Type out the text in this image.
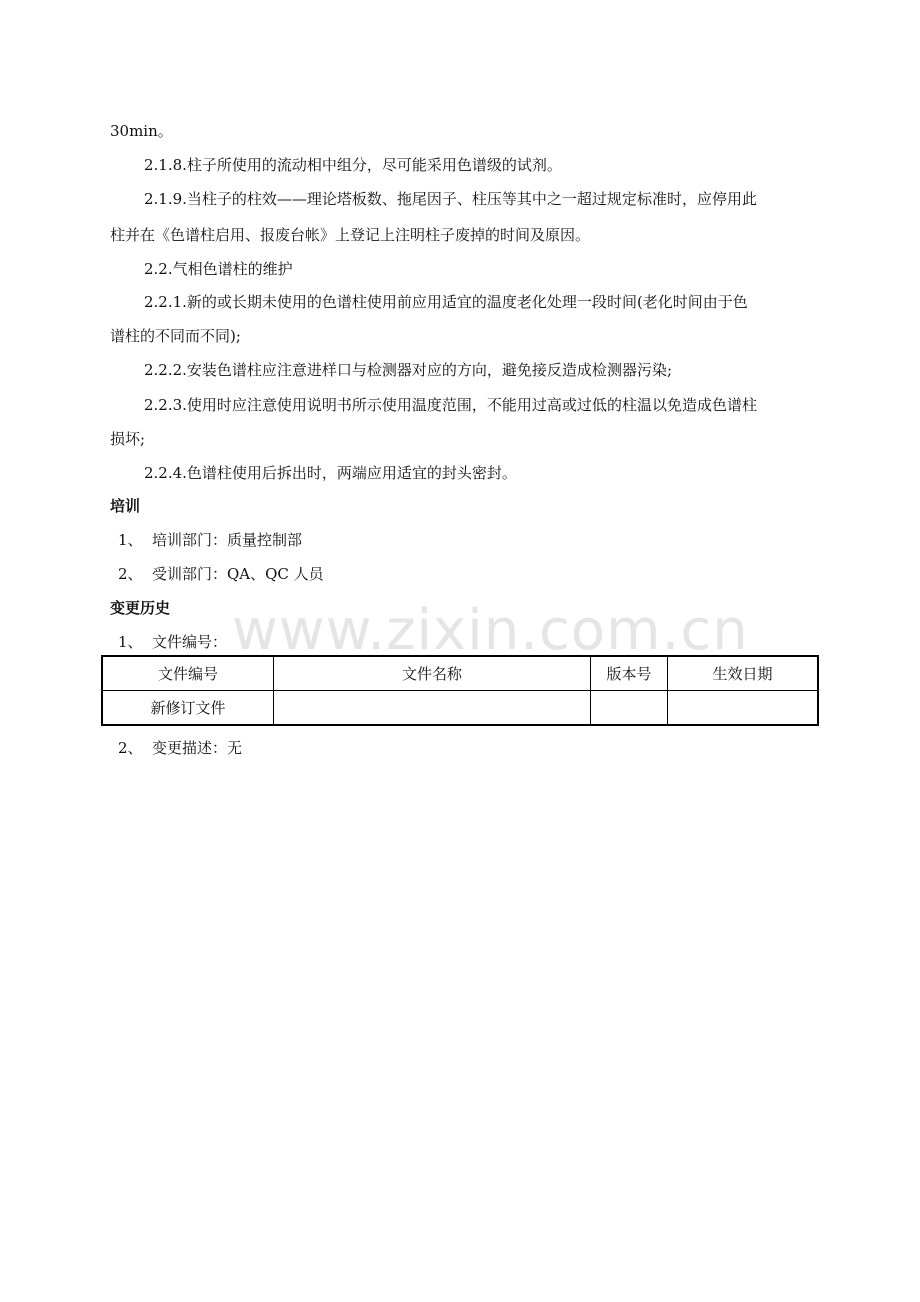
30min。
2.1.8.柱子所使用的流动相中组分，尽可能采用色谱级的试剂。
2.1.9.当柱子的柱效——理论塔板数、拖尾因子、柱压等其中之一超过规定标准时，应停用此
柱并在《色谱柱启用、报废台帐》上登记上注明柱子废掉的时间及原因。
2.2.气相色谱柱的维护
2.2.1.新的或长期未使用的色谱柱使用前应用适宜的温度老化处理一段时间(老化时间由于色
谱柱的不同而不同);
2.2.2.安装色谱柱应注意进样口与检测器对应的方向，避免接反造成检测器污染;
2.2.3.使用时应注意使用说明书所示使用温度范围，不能用过高或过低的柱温以免造成色谱柱
损坏;
2.2.4.色谱柱使用后拆出时，两端应用适宜的封头密封。
培训
1、 培训部门：质量控制部
2、 受训部门：QA、QC 人员
变更历史
1、 文件编号： www.zixin.com.cn
文件编号	文件名称	版本号	生效日期
新修订文件			
2、 变更描述：无
